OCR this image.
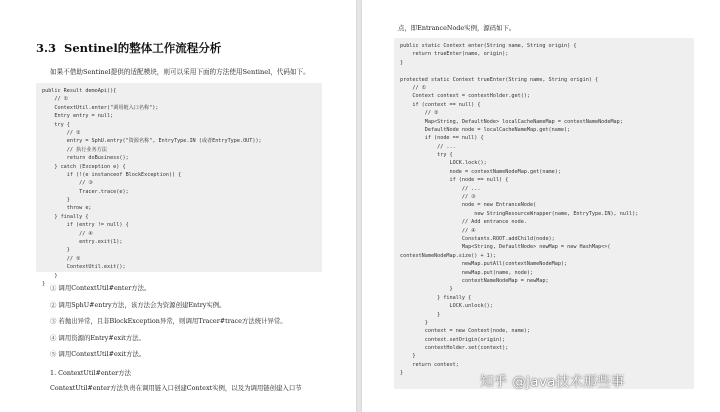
3.3 Sentinel的整体工作流程分析
如果不借助Sentinel提供的适配模块，则可以采用下面的方法使用Sentinel，代码如下。
public Result demoApi(){
// ①
ContextUtil.enter("调用链入口名称");
Entry entry = null;
try {
// ②
entry = SphU.entry("资源名称", EntryType.IN (或者EntryType.OUT));
// 执行业务方法
return doBusiness();
} catch (Exception e) {
if (!(e instanceof BlockException)) {
// ③
Tracer.trace(e);
}
throw e;
} finally {
if (entry != null) {
// ④
entry.exit(1);
}
// ⑤
ContextUtil.exit();
}
}
① 调用ContextUtil#enter方法。
② 调用SphU#entry方法，该方法会为资源创建Entry实例。
③ 若抛出异常，且非BlockException异常，则调用Tracer#trace方法统计异常。
④ 调用资源的Entry#exit方法。
⑤ 调用ContextUtil#exit方法。
1. ContextUtil#enter方法
ContextUtil#enter方法负责在调用链入口创建Context实例，以及为调用链创建入口节
点，即EntranceNode实例，源码如下。
public static Context enter(String name, String origin) {
return trueEnter(name, origin);
}
protected static Context trueEnter(String name, String origin) {
// ①
Context context = contextHolder.get();
if (context == null) {
// ②
Map<String, DefaultNode> localCacheNameMap = contextNameNodeMap;
DefaultNode node = localCacheNameMap.get(name);
if (node == null) {
// ...
try {
LOCK.lock();
node = contextNameNodeMap.get(name);
if (node == null) {
// ...
// ③
node = new EntranceNode(
new StringResourceWrapper(name, EntryType.IN), null);
// Add entrance node.
// ④
Constants.ROOT.addChild(node);
Map<String, DefaultNode> newMap = new HashMap<>(
contextNameNodeMap.size() + 1);
newMap.putAll(contextNameNodeMap);
newMap.put(name, node);
contextNameNodeMap = newMap;
}
} finally {
LOCK.unlock();
}
}
context = new Context(node, name);
context.setOrigin(origin);
contextHolder.set(context);
}
return context;
}
知乎 @Java技术那些事
